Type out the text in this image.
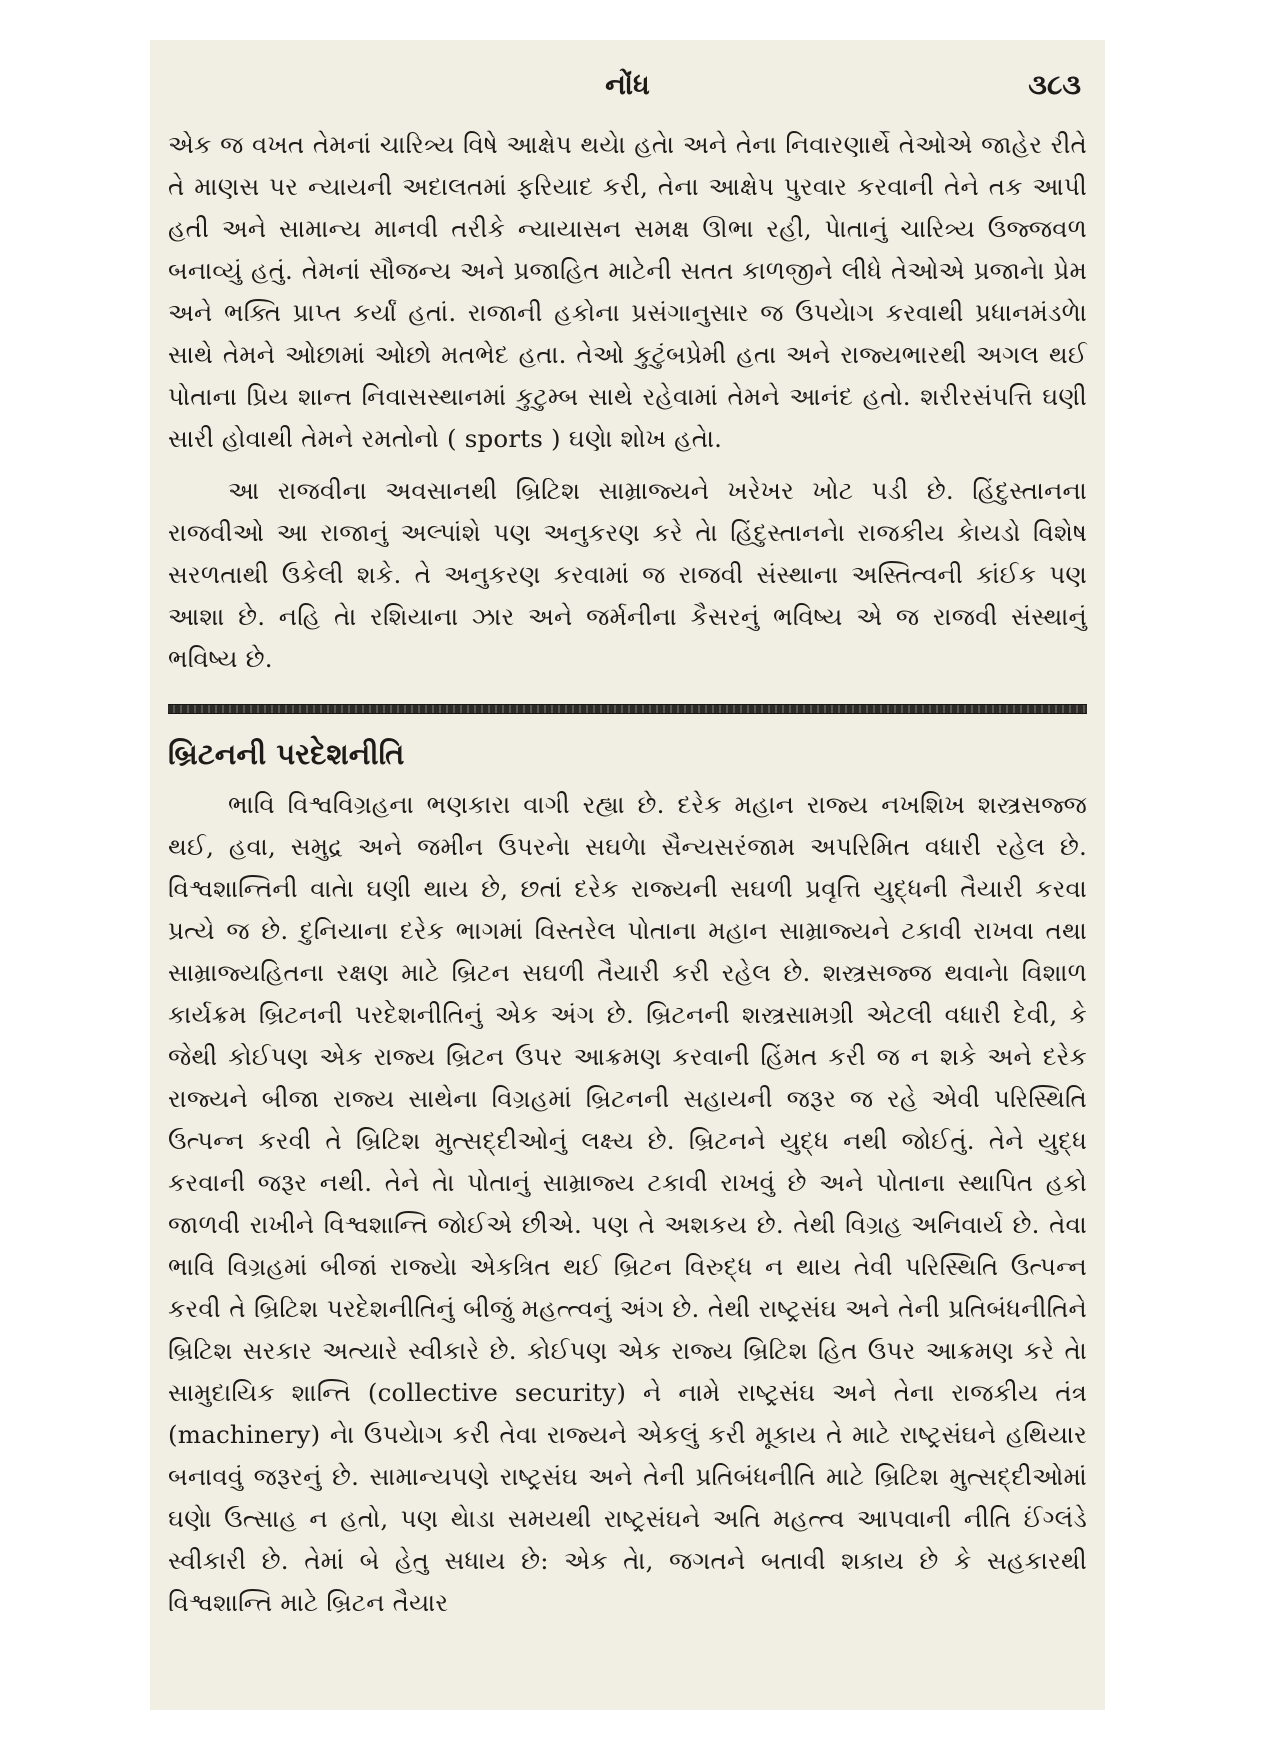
નોંધ	૩૮૩

એક જ વખત તેમનાં ચારિત્ર્ય વિષે આક્ષેપ થયેા હતેા અને તેના નિવારણાર્થે તેઓએ જાહેર રીતે તે માણસ પર ન્યાયની અદાલતમાં ફરિયાદ કરી, તેના આક્ષેપ પુરવાર કરવાની તેને તક આપી હતી અને સામાન્ય માનવી તરીકે ન્યાયાસન સમક્ષ ઊભા રહી, પેાતાનું ચારિત્ર્ય ઉજ્જવળ બનાવ્યું હતું. તેમનાં સૌજન્ય અને પ્રજાહિત માટેની સતત કાળજીને લીધે તેઓએ પ્રજાનેા પ્રેમ અને ભક્તિ પ્રાપ્ત કર્યાં હતાં. રાજાની હકોના પ્રસંગાનુસાર જ ઉપયેાગ કરવાથી પ્રધાનમંડળેા સાથે તેમને ઓછામાં ઓછો મતભેદ હતા. તેઓ કુટુંબપ્રેમી હતા અને રાજ્યભારથી અગલ થઈ પોતાના પ્રિય શાન્ત નિવાસસ્થાનમાં કુટુમ્બ સાથે રહેવામાં તેમને આનંદ હતો. શરીરસંપત્તિ ઘણી સારી હોવાથી તેમને રમતોનો ( sports ) ઘણેા શોખ હતેા.

આ રાજવીના અવસાનથી બ્રિટિશ સામ્રાજ્યને ખરેખર ખોટ પડી છે. હિંદુસ્તાનના રાજવીઓ આ રાજાનું અલ્પાંશે પણ અનુકરણ કરે તેા હિંદુસ્તાનનેા રાજકીય કેાયડો વિશેષ સરળતાથી ઉકેલી શકે. તે અનુકરણ કરવામાં જ રાજવી સંસ્થાના અસ્તિત્વની કાંઈક પણ આશા છે. નહિ તેા રશિયાના ઝાર અને જર્મનીના કૈસરનું ભવિષ્ય એ જ રાજવી સંસ્થાનું ભવિષ્ય છે.

બ્રિટનની પરદેશનીતિ

ભાવિ વિશ્વવિગ્રહના ભણકારા વાગી રહ્યા છે. દરેક મહાન રાજ્ય નખશિખ શસ્ત્રસજ્જ થઈ, હવા, સમુદ્ર અને જમીન ઉપરનેા સઘળેા સૈન્યસરંજામ અપરિમિત વધારી રહેલ છે. વિશ્વશાન્તિની વાતેા ઘણી થાય છે, છતાં દરેક રાજ્યની સઘળી પ્રવૃત્તિ યુદ્ધની તૈયારી કરવા પ્રત્યે જ છે. દુનિયાના દરેક ભાગમાં વિસ્તરેલ પોતાના મહાન સામ્રાજ્યને ટકાવી રાખવા તથા સામ્રાજ્યહિતના રક્ષણ માટે બ્રિટન સઘળી તૈયારી કરી રહેલ છે. શસ્ત્રસજ્જ થવાનેા વિશાળ કાર્યક્રમ બ્રિટનની પરદેશનીતિનું એક અંગ છે. બ્રિટનની શસ્ત્રસામગ્રી એટલી વધારી દેવી, કે જેથી કોઈપણ એક રાજ્ય બ્રિટન ઉપર આક્રમણ કરવાની હિંમત કરી જ ન શકે અને દરેક રાજ્યને બીજા રાજ્ય સાથેના વિગ્રહમાં બ્રિટનની સહાયની જરૂર જ રહે એવી પરિસ્થિતિ ઉત્પન્ન કરવી તે બ્રિટિશ મુત્સદ્દીઓનું લક્ષ્ય છે. બ્રિટનને યુદ્ધ નથી જોઈતું. તેને યુદ્ધ કરવાની જરૂર નથી. તેને તેા પોતાનું સામ્રાજ્ય ટકાવી રાખવું છે અને પોતાના સ્થાપિત હકો જાળવી રાખીને વિશ્વશાન્તિ જોઈએ છીએ. પણ તે અશકય છે. તેથી વિગ્રહ અનિવાર્ય છે. તેવા ભાવિ વિગ્રહમાં બીજાં રાજ્યેા એકત્રિત થઈ બ્રિટન વિરુદ્ધ ન થાય તેવી પરિસ્થિતિ ઉત્પન્ન કરવી તે બ્રિટિશ પરદેશનીતિનું બીજું મહત્ત્વનું અંગ છે. તેથી રાષ્ટ્રસંઘ અને તેની પ્રતિબંધનીતિને બ્રિટિશ સરકાર અત્યારે સ્વીકારે છે. કોઈપણ એક રાજ્ય બ્રિટિશ હિત ઉપર આક્રમણ કરે તેા સામુદાયિક શાન્તિ (collective security) ને નામે રાષ્ટ્રસંઘ અને તેના રાજકીય તંત્ર (machinery) નેા ઉપયેાગ કરી તેવા રાજ્યને એકલું કરી મૂકાય તે માટે રાષ્ટ્રસંઘને હથિયાર બનાવવું જરૂરનું છે. સામાન્યપણે રાષ્ટ્રસંઘ અને તેની પ્રતિબંધનીતિ માટે બ્રિટિશ મુત્સદ્દીઓમાં ઘણેા ઉત્સાહ ન હતો, પણ થેાડા સમયથી રાષ્ટ્રસંઘને અતિ મહત્ત્વ આપવાની નીતિ ઈંગ્લંડે સ્વીકારી છે. તેમાં બે હેતુ સધાય છે: એક તેા, જગતને બતાવી શકાય છે કે સહકારથી વિશ્વશાન્તિ માટે બ્રિટન તૈયાર
